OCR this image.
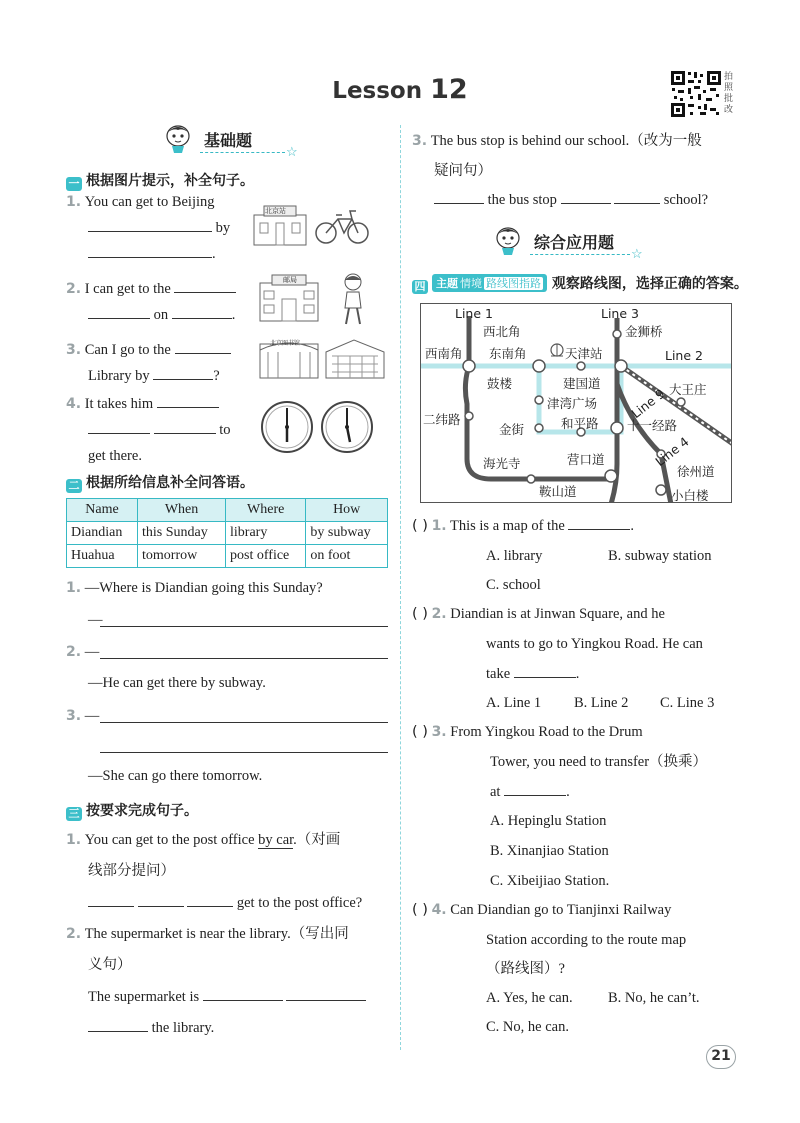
Lesson 12	拍照批改
基础题
☆
一 根据图片提示，补全句子。
1. You can get to Beijing
by
.
北京站
2. I can get to the
on	.
邮局
3. Can I go to the
Library by	?
北京图书馆
4. It takes him
to
get there.
二 根据所给信息补全问答语。
Name	When	Where	How
Diandian	this Sunday	library	by subway
Huahua	tomorrow	post office	on foot
1. —Where is Diandian going this Sunday?
—
2. —
—He can get there by subway.
3. —
—She can go there tomorrow.
三 按要求完成句子。
1. You can get to the post office by car.（对画
线部分提问）
get to the post office?
2. The supermarket is near the library.（写出同
义句）
The supermarket is
the library.
3. The bus stop is behind our school.（改为一般
疑问句）
the bus stop	school?
综合应用题
☆
四 主题 情境 路线图指路 观察路线图，选择正确的答案。
Line 1	Line 3
Line 2
Line 9
Line 4
西北角	金狮桥
西南角 东南角	天津站
鼓楼	建国道	大王庄
津湾广场
二纬路	和平路 十一经路
金街
海光寺	营口道
徐州道
鞍山道	小白楼
( ) 1. This is a map of the	.
A. library	B. subway station
C. school
( ) 2. Diandian is at Jinwan Square, and he
wants to go to Yingkou Road. He can
take	.
A. Line 1 B. Line 2 C. Line 3
( ) 3. From Yingkou Road to the Drum
Tower, you need to transfer（换乘）
at	.
A. Hepinglu Station
B. Xinanjiao Station
C. Xibeijiao Station.
( ) 4. Can Diandian go to Tianjinxi Railway
Station according to the route map
（路线图）?
A. Yes, he can. B. No, he can’t.
C. No, he can.
21
